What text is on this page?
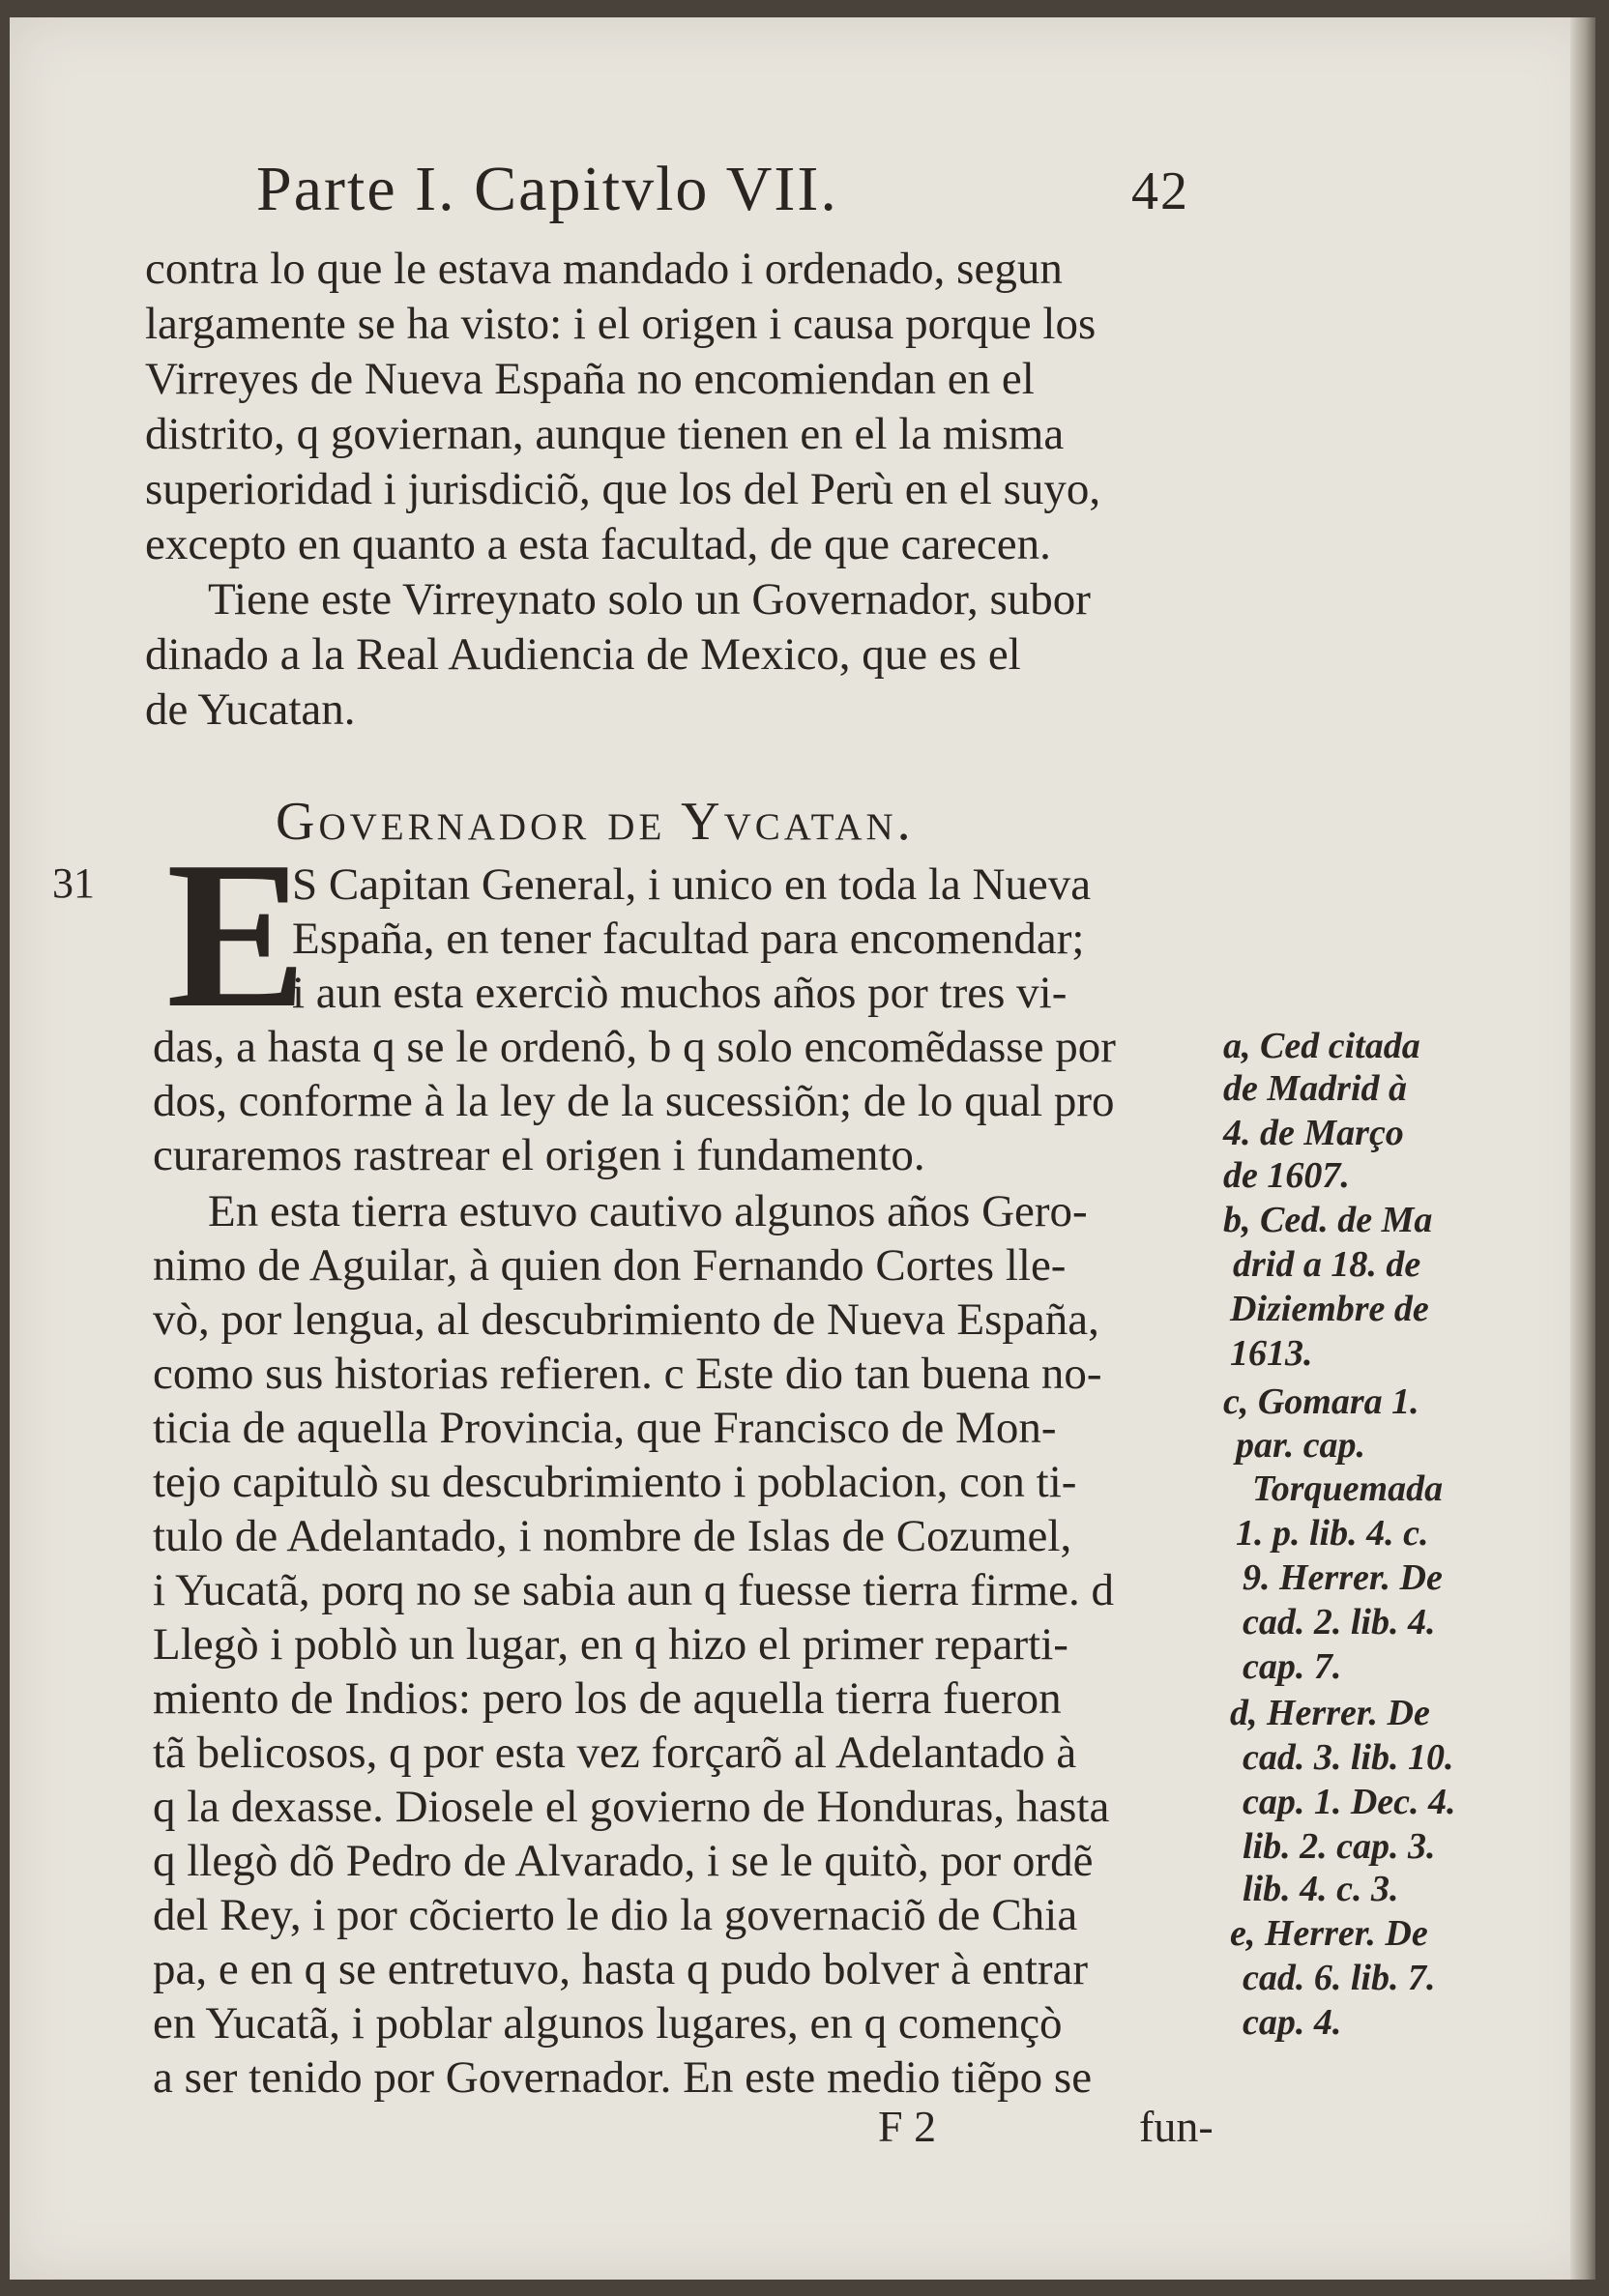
Parte I. Capitvlo VII.	42
contra lo que le estava mandado i ordenado, segun
largamente se ha visto: i el origen i causa porque los
Virreyes de Nueva España no encomiendan en el
distrito, q goviernan, aunque tienen en el la misma
superioridad i jurisdiciõ, que los del Perù en el suyo,
excepto en quanto a esta facultad, de que carecen.
Tiene este Virreynato solo un Governador, subor
dinado a la Real Audiencia de Mexico, que es el
de Yucatan.
Governador de Yvcatan.
31 E
S Capitan General, i unico en toda la Nueva
España, en tener facultad para encomendar;
i aun esta exerciò muchos años por tres vi-
das, a hasta q se le ordenô, b q solo encomẽdasse por
dos, conforme à la ley de la sucessiõn; de lo qual pro
curaremos rastrear el origen i fundamento.
En esta tierra estuvo cautivo algunos años Gero-
nimo de Aguilar, à quien don Fernando Cortes lle-
vò, por lengua, al descubrimiento de Nueva España,
como sus historias refieren. c Este dio tan buena no-
ticia de aquella Provincia, que Francisco de Mon-
tejo capitulò su descubrimiento i poblacion, con ti-
tulo de Adelantado, i nombre de Islas de Cozumel,
i Yucatã, porq no se sabia aun q fuesse tierra firme. d
Llegò i poblò un lugar, en q hizo el primer reparti-
miento de Indios: pero los de aquella tierra fueron
tã belicosos, q por esta vez forçarõ al Adelantado à
q la dexasse. Diosele el govierno de Honduras, hasta
q llegò dõ Pedro de Alvarado, i se le quitò, por ordẽ
del Rey, i por cõcierto le dio la governaciõ de Chia
pa, e en q se entretuvo, hasta q pudo bolver à entrar
en Yucatã, i poblar algunos lugares, en q començò
a ser tenido por Governador. En este medio tiẽpo se
a, Ced citada
de Madrid à
4. de Março
de 1607.
b, Ced. de Ma
drid a 18. de
Diziembre de
1613.
c, Gomara 1.
par. cap.
Torquemada
1. p. lib. 4. c.
9. Herrer. De
cad. 2. lib. 4.
cap. 7.
d, Herrer. De
cad. 3. lib. 10.
cap. 1. Dec. 4.
lib. 2. cap. 3.
lib. 4. c. 3.
e, Herrer. De
cad. 6. lib. 7.
cap. 4.
F 2	fun-
